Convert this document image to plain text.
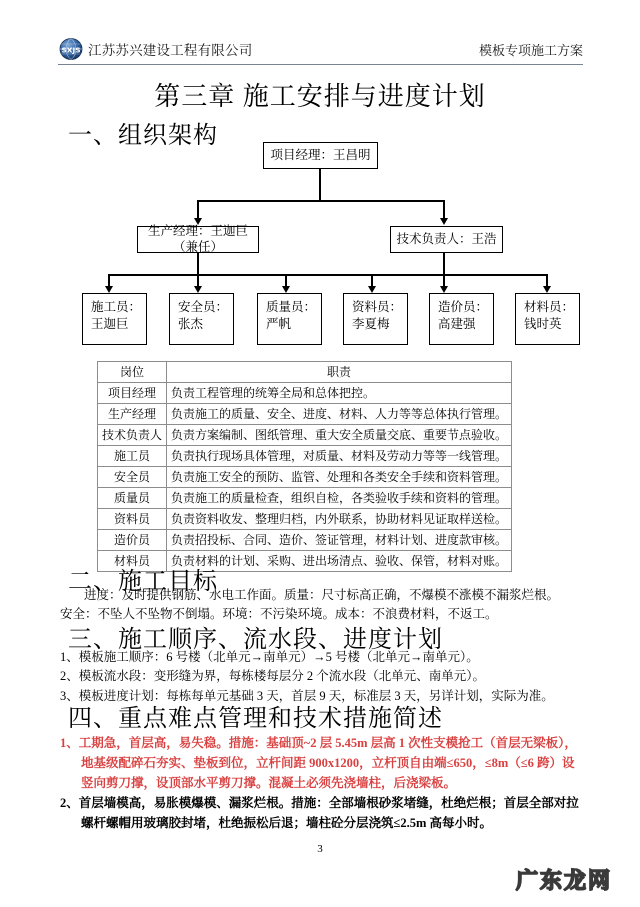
SXJS 江苏苏兴建设工程有限公司	模板专项施工方案
第三章 施工安排与进度计划
一、组织架构
项目经理：王昌明
生产经理：王迦巨（兼任）
技术负责人：王浩
施工员：
王迦巨
安全员：
张杰
质量员：
严帆
资料员：
李夏梅
造价员：
高建强
材料员：
钱时英
岗位	职责
项目经理	负责工程管理的统筹全局和总体把控。
生产经理	负责施工的质量、安全、进度、材料、人力等等总体执行管理。
技术负责人	负责方案编制、图纸管理、重大安全质量交底、重要节点验收。
施工员	负责执行现场具体管理，对质量、材料及劳动力等等一线管理。
安全员	负责施工安全的预防、监管、处理和各类安全手续和资料管理。
质量员	负责施工的质量检查，组织自检，各类验收手续和资料的管理。
资料员	负责资料收发、整理归档，内外联系，协助材料见证取样送检。
造价员	负责招投标、合同、造价、签证管理，材料计划、进度款审核。
材料员	负责材料的计划、采购、进出场清点、验收、保管，材料对账。
二、施工目标
进度：及时提供钢筋、水电工作面。质量：尺寸标高正确，不爆模不涨模不漏浆烂根。
安全：不坠人不坠物不倒塌。环境：不污染环境。成本：不浪费材料，不返工。
三、施工顺序、流水段、进度计划
1、模板施工顺序：6 号楼（北单元→南单元）→5 号楼（北单元→南单元）。
2、模板流水段：变形缝为界，每栋楼每层分 2 个流水段（北单元、南单元）。
3、模板进度计划：每栋每单元基础 3 天，首层 9 天，标准层 3 天，另详计划，实际为准。
四、重点难点管理和技术措施简述
1、工期急，首层高，易失稳。措施：基础顶~2 层 5.45m 层高 1 次性支模抢工（首层无梁板），地基级配碎石夯实、垫板到位，立杆间距 900x1200，立杆顶自由端≤650，≤8m（≤6 跨）设竖向剪刀撑，设顶部水平剪刀撑。混凝土必须先浇墙柱，后浇梁板。
2、首层墙模高，易胀模爆模、漏浆烂根。措施：全部墙根砂浆堵缝，杜绝烂根；首层全部对拉螺杆螺帽用玻璃胶封堵，杜绝振松后退；墙柱砼分层浇筑≤2.5m 高每小时。
3
广东龙网
